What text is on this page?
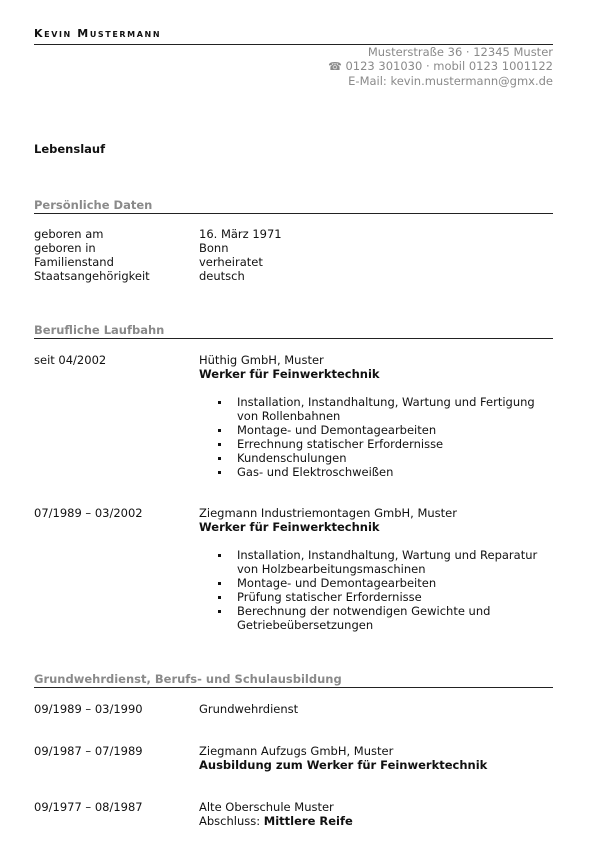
Kevin Mustermann
Musterstraße 36 · 12345 Muster
☎ 0123 301030 · mobil 0123 1001122
E-Mail: kevin.mustermann@gmx.de
Lebenslauf
Persönliche Daten
geboren am	16. März 1971
geboren in	Bonn
Familienstand	verheiratet
Staatsangehörigkeit	deutsch
Berufliche Laufbahn
seit 04/2002	Hüthig GmbH, Muster
Werker für Feinwerktechnik
Installation, Instandhaltung, Wartung und Fertigung von Rollenbahnen
Montage- und Demontagearbeiten
Errechnung statischer Erfordernisse
Kundenschulungen
Gas- und Elektroschweißen
07/1989 – 03/2002	Ziegmann Industriemontagen GmbH, Muster
Werker für Feinwerktechnik
Installation, Instandhaltung, Wartung und Reparatur von Holzbearbeitungsmaschinen
Montage- und Demontagearbeiten
Prüfung statischer Erfordernisse
Berechnung der notwendigen Gewichte und Getriebeübersetzungen
Grundwehrdienst, Berufs- und Schulausbildung
09/1989 – 03/1990	Grundwehrdienst
09/1987 – 07/1989	Ziegmann Aufzugs GmbH, Muster
Ausbildung zum Werker für Feinwerktechnik
09/1977 – 08/1987	Alte Oberschule Muster
Abschluss: Mittlere Reife
